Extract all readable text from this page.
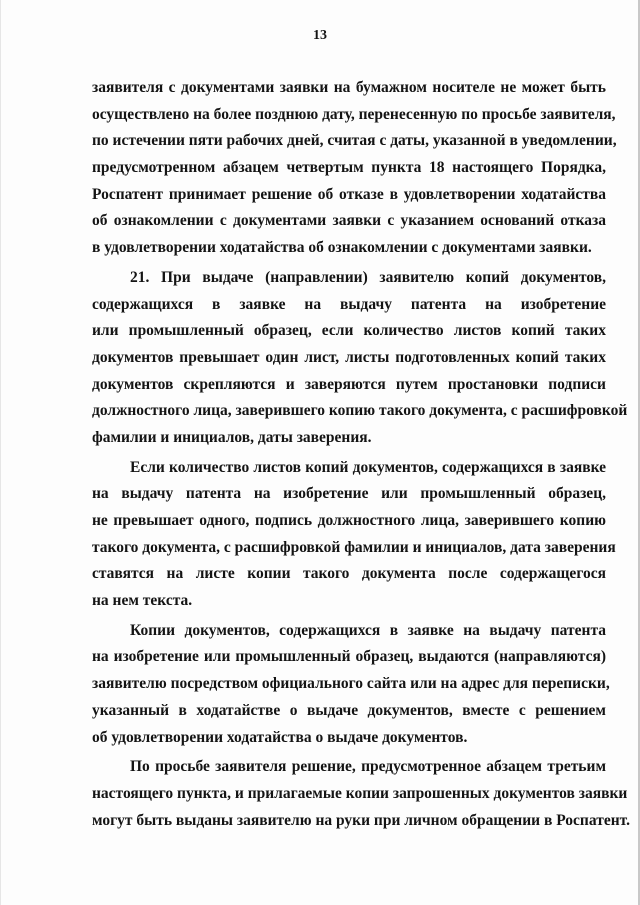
13
заявителя с документами заявки на бумажном носителе не может быть
осуществлено на более позднюю дату, перенесенную по просьбе заявителя,
по истечении пяти рабочих дней, считая с даты, указанной в уведомлении,
предусмотренном абзацем четвертым пункта 18 настоящего Порядка,
Роспатент принимает решение об отказе в удовлетворении ходатайства
об ознакомлении с документами заявки с указанием оснований отказа
в удовлетворении ходатайства об ознакомлении с документами заявки.
21. При выдаче (направлении) заявителю копий документов,
содержащихся в заявке на выдачу патента на изобретение
или промышленный образец, если количество листов копий таких
документов превышает один лист, листы подготовленных копий таких
документов скрепляются и заверяются путем простановки подписи
должностного лица, заверившего копию такого документа, с расшифровкой
фамилии и инициалов, даты заверения.
Если количество листов копий документов, содержащихся в заявке
на выдачу патента на изобретение или промышленный образец,
не превышает одного, подпись должностного лица, заверившего копию
такого документа, с расшифровкой фамилии и инициалов, дата заверения
ставятся на листе копии такого документа после содержащегося
на нем текста.
Копии документов, содержащихся в заявке на выдачу патента
на изобретение или промышленный образец, выдаются (направляются)
заявителю посредством официального сайта или на адрес для переписки,
указанный в ходатайстве о выдаче документов, вместе с решением
об удовлетворении ходатайства о выдаче документов.
По просьбе заявителя решение, предусмотренное абзацем третьим
настоящего пункта, и прилагаемые копии запрошенных документов заявки
могут быть выданы заявителю на руки при личном обращении в Роспатент.
